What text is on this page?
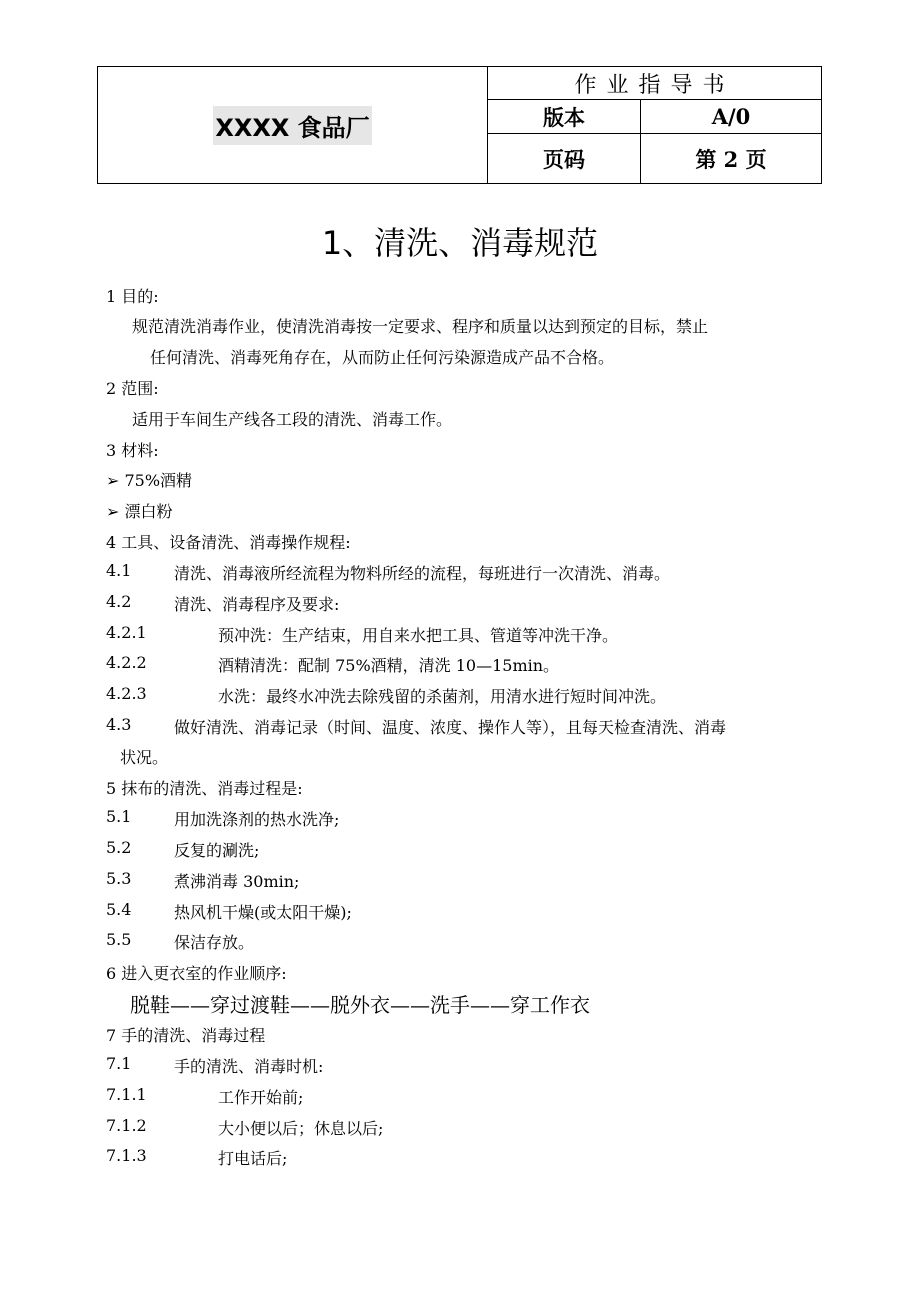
XXXX 食品厂
作业指导书
版本	A/0
页码	第 2 页
1、清洗、消毒规范
1 目的:
规范清洗消毒作业，使清洗消毒按一定要求、程序和质量以达到预定的目标，禁止
任何清洗、消毒死角存在，从而防止任何污染源造成产品不合格。
2 范围:
适用于车间生产线各工段的清洗、消毒工作。
3 材料:
➢ 75%酒精
➢ 漂白粉
4 工具、设备清洗、消毒操作规程:
4.1	清洗、消毒液所经流程为物料所经的流程，每班进行一次清洗、消毒。
4.2	清洗、消毒程序及要求:
4.2.1	预冲洗：生产结束，用自来水把工具、管道等冲洗干净。
4.2.2	酒精清洗：配制 75%酒精，清洗 10—15min。
4.2.3	水洗：最终水冲洗去除残留的杀菌剂，用清水进行短时间冲洗。
4.3	做好清洗、消毒记录（时间、温度、浓度、操作人等），且每天检查清洗、消毒
状况。
5 抹布的清洗、消毒过程是:
5.1	用加洗涤剂的热水洗净;
5.2	反复的涮洗;
5.3	煮沸消毒 30min;
5.4	热风机干燥(或太阳干燥);
5.5	保洁存放。
6 进入更衣室的作业顺序:
脱鞋——穿过渡鞋——脱外衣——洗手——穿工作衣
7 手的清洗、消毒过程
7.1	手的清洗、消毒时机:
7.1.1	工作开始前;
7.1.2	大小便以后；休息以后;
7.1.3	打电话后;
